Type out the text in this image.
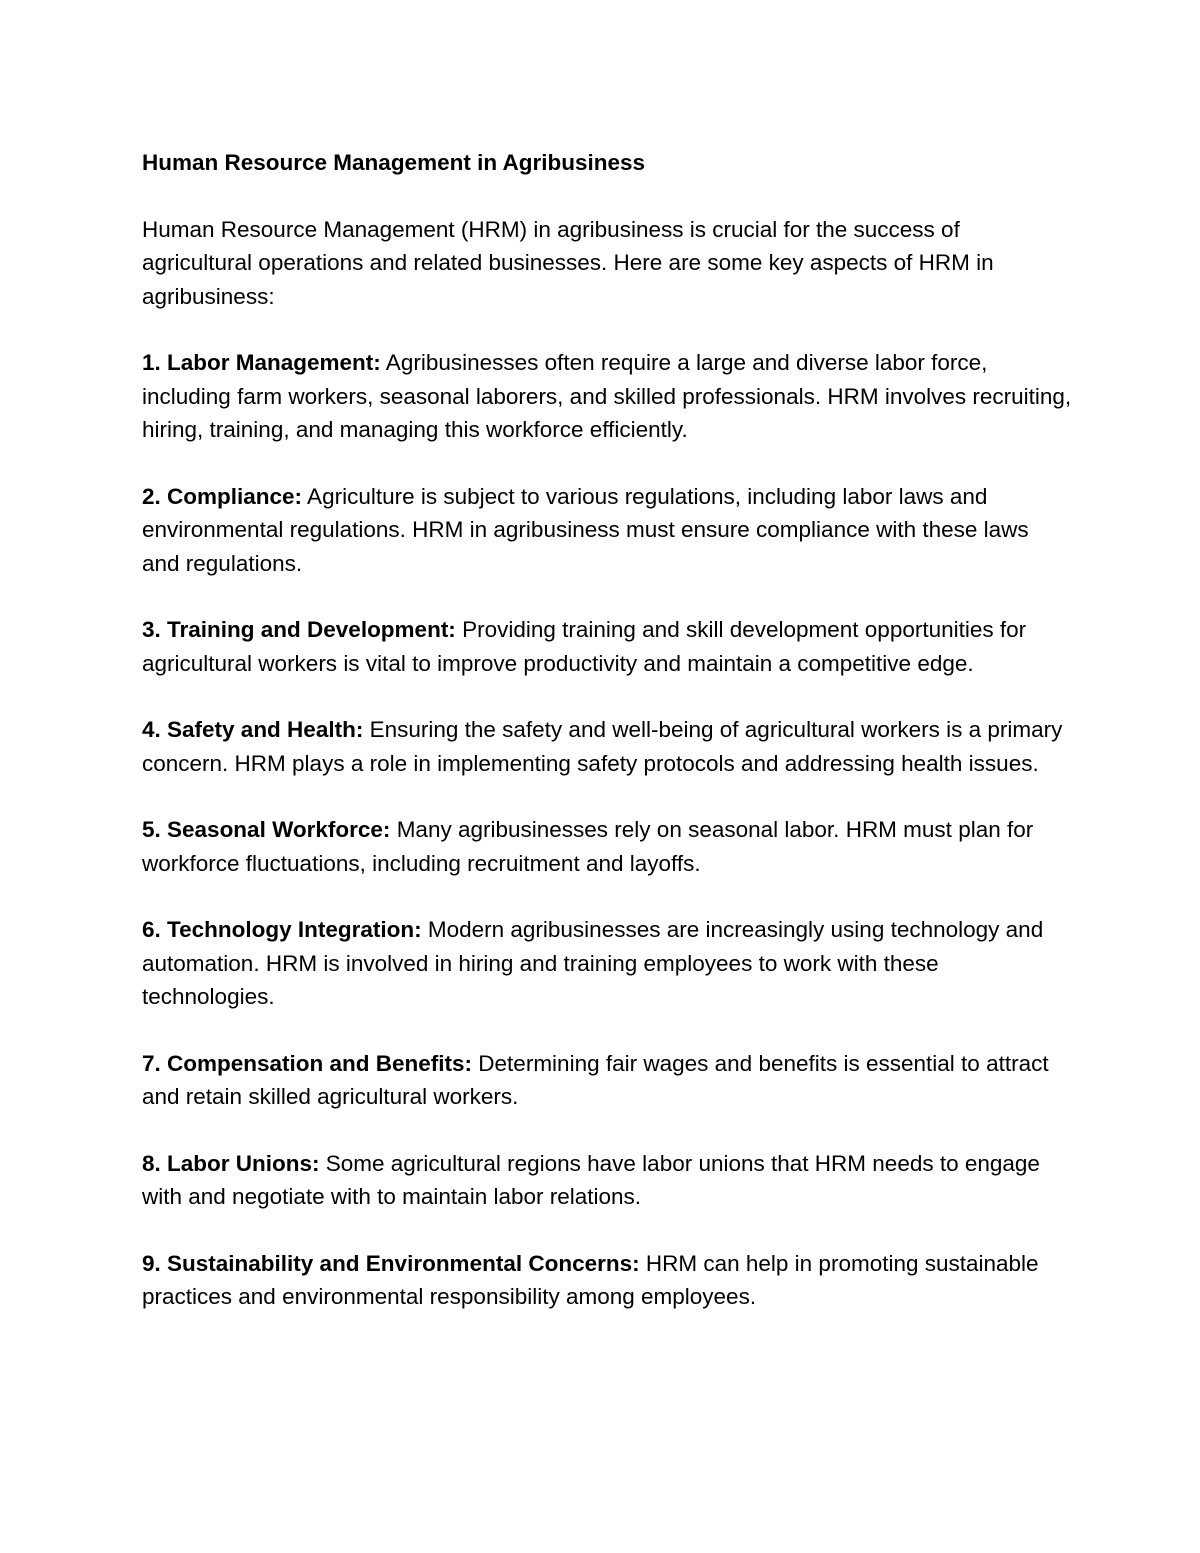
Human Resource Management in Agribusiness
Human Resource Management (HRM) in agribusiness is crucial for the success of agricultural operations and related businesses. Here are some key aspects of HRM in agribusiness:
1. Labor Management: Agribusinesses often require a large and diverse labor force, including farm workers, seasonal laborers, and skilled professionals. HRM involves recruiting, hiring, training, and managing this workforce efficiently.
2. Compliance: Agriculture is subject to various regulations, including labor laws and environmental regulations. HRM in agribusiness must ensure compliance with these laws and regulations.
3. Training and Development: Providing training and skill development opportunities for agricultural workers is vital to improve productivity and maintain a competitive edge.
4. Safety and Health: Ensuring the safety and well-being of agricultural workers is a primary concern. HRM plays a role in implementing safety protocols and addressing health issues.
5. Seasonal Workforce: Many agribusinesses rely on seasonal labor. HRM must plan for workforce fluctuations, including recruitment and layoffs.
6. Technology Integration: Modern agribusinesses are increasingly using technology and automation. HRM is involved in hiring and training employees to work with these technologies.
7. Compensation and Benefits: Determining fair wages and benefits is essential to attract and retain skilled agricultural workers.
8. Labor Unions: Some agricultural regions have labor unions that HRM needs to engage with and negotiate with to maintain labor relations.
9. Sustainability and Environmental Concerns: HRM can help in promoting sustainable practices and environmental responsibility among employees.
